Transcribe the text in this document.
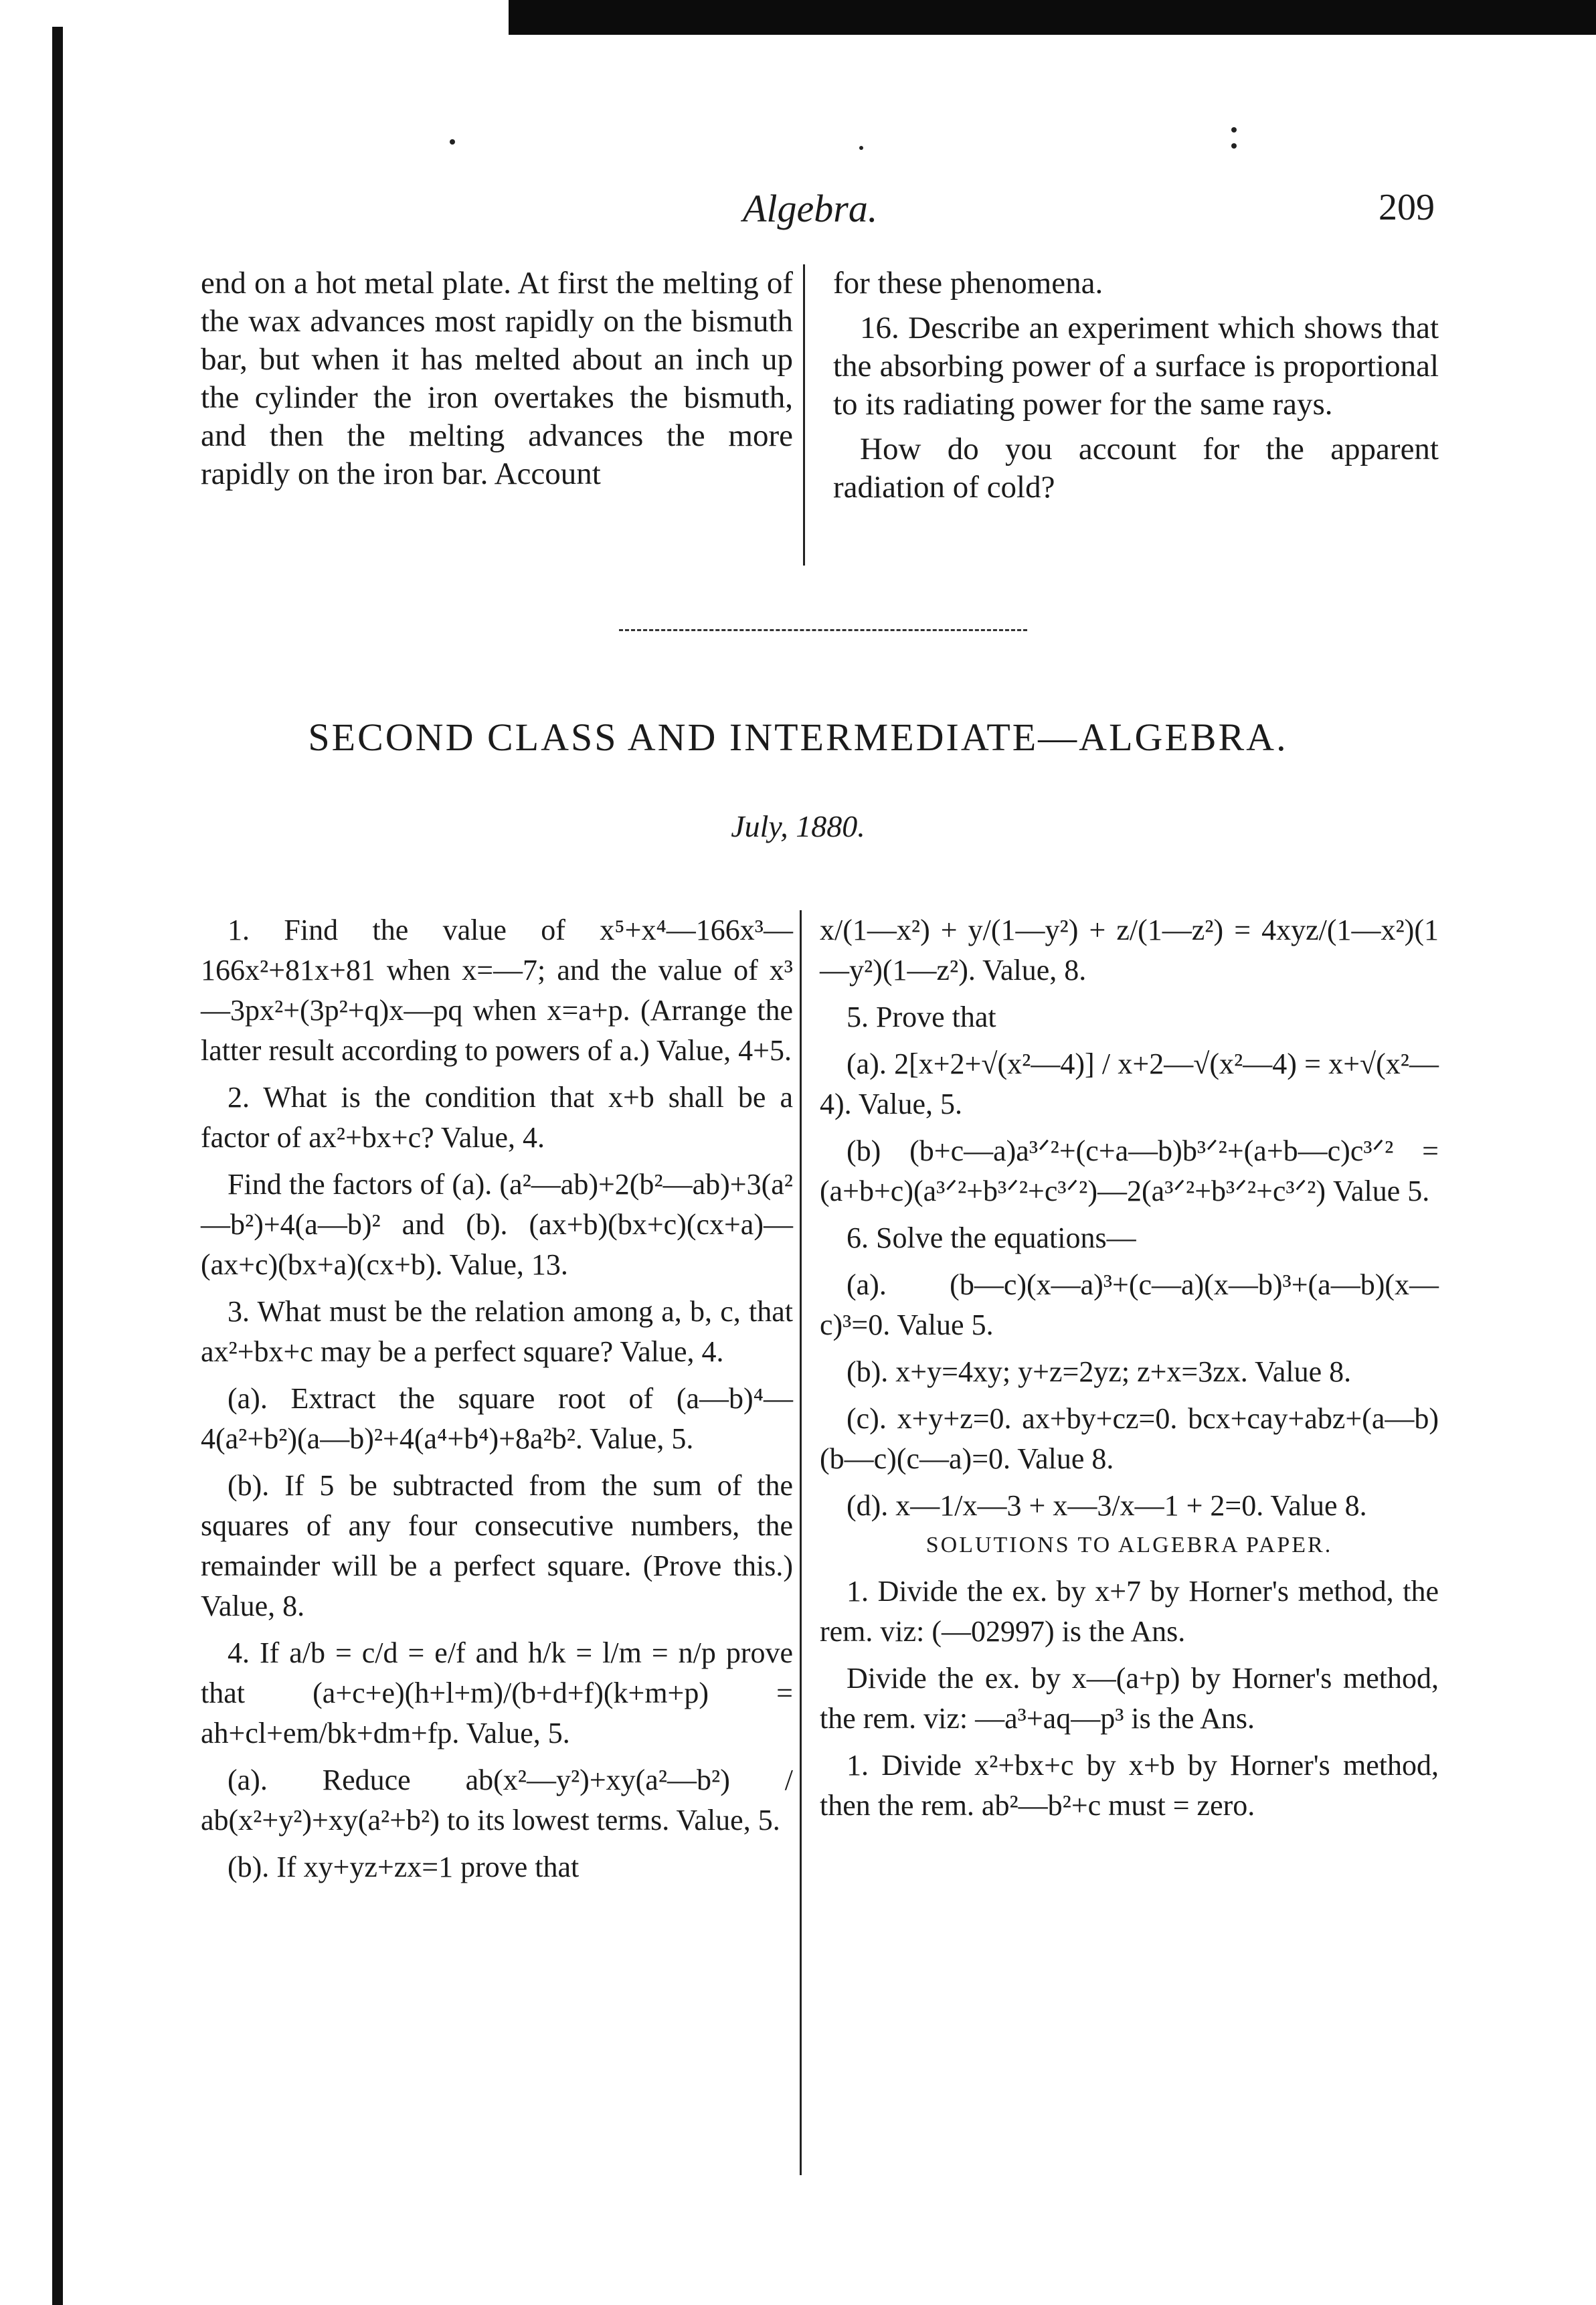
Algebra.	209

end on a hot metal plate. At first the melting of the wax advances most rapidly on the bismuth bar, but when it has melted about an inch up the cylinder the iron overtakes the bismuth, and then the melting advances the more rapidly on the iron bar. Account

for these phenomena.

16. Describe an experiment which shows that the absorbing power of a surface is proportional to its radiating power for the same rays.

How do you account for the apparent radiation of cold?

SECOND CLASS AND INTERMEDIATE—ALGEBRA.
July, 1880.

1. Find the value of x⁵+x⁴—166x³—166x²+81x+81 when x=—7; and the value of x³—3px²+(3p²+q)x—pq when x=a+p. (Arrange the latter result according to powers of a.) Value, 4+5.

2. What is the condition that x+b shall be a factor of ax²+bx+c? Value, 4.

Find the factors of (a). (a²—ab)+2(b²—ab)+3(a²—b²)+4(a—b)² and (b). (ax+b)(bx+c)(cx+a)—(ax+c)(bx+a)(cx+b). Value, 13.

3. What must be the relation among a, b, c, that ax²+bx+c may be a perfect square? Value, 4.

(a). Extract the square root of (a—b)⁴—4(a²+b²)(a—b)²+4(a⁴+b⁴)+8a²b². Value, 5.

(b). If 5 be subtracted from the sum of the squares of any four consecutive numbers, the remainder will be a perfect square. (Prove this.) Value, 8.

4. If a/b = c/d = e/f and h/k = l/m = n/p prove that (a+c+e)(h+l+m)/(b+d+f)(k+m+p) = ah+cl+em/bk+dm+fp. Value, 5.

(a). Reduce ab(x²—y²)+xy(a²—b²) / ab(x²+y²)+xy(a²+b²) to its lowest terms. Value, 5.

(b). If xy+yz+zx=1 prove that

x/(1—x²) + y/(1—y²) + z/(1—z²) = 4xyz/(1—x²)(1—y²)(1—z²). Value, 8.

5. Prove that

(a). 2[x+2+√(x²—4)] / x+2—√(x²—4) = x+√(x²—4). Value, 5.

(b) (b+c—a)a³ᐟ²+(c+a—b)b³ᐟ²+(a+b—c)c³ᐟ² = (a+b+c)(a³ᐟ²+b³ᐟ²+c³ᐟ²)—2(a³ᐟ²+b³ᐟ²+c³ᐟ²) Value 5.

6. Solve the equations—

(a). (b—c)(x—a)³+(c—a)(x—b)³+(a—b)(x—c)³=0. Value 5.

(b). x+y=4xy; y+z=2yz; z+x=3zx. Value 8.

(c). x+y+z=0. ax+by+cz=0. bcx+cay+abz+(a—b)(b—c)(c—a)=0. Value 8.

(d). x—1/x—3 + x—3/x—1 + 2=0. Value 8.

SOLUTIONS TO ALGEBRA PAPER.

1. Divide the ex. by x+7 by Horner's method, the rem. viz: (—02997) is the Ans.

Divide the ex. by x—(a+p) by Horner's method, the rem. viz: —a³+aq—p³ is the Ans.

1. Divide x²+bx+c by x+b by Horner's method, then the rem. ab²—b²+c must = zero.
